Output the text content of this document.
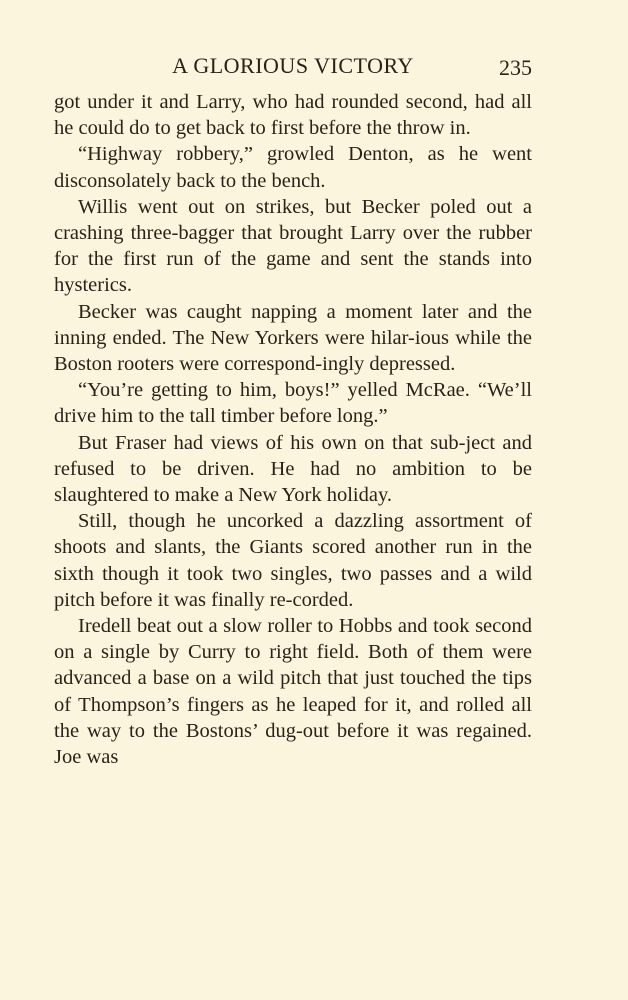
A GLORIOUS VICTORY	235

got under it and Larry, who had rounded second, had all he could do to get back to first before the throw in.

“Highway robbery,” growled Denton, as he went disconsolately back to the bench.

Willis went out on strikes, but Becker poled out a crashing three-bagger that brought Larry over the rubber for the first run of the game and sent the stands into hysterics.

Becker was caught napping a moment later and the inning ended. The New Yorkers were hilar-ious while the Boston rooters were correspond-ingly depressed.

“You’re getting to him, boys!” yelled McRae. “We’ll drive him to the tall timber before long.”

But Fraser had views of his own on that sub-ject and refused to be driven. He had no ambition to be slaughtered to make a New York holiday.

Still, though he uncorked a dazzling assortment of shoots and slants, the Giants scored another run in the sixth though it took two singles, two passes and a wild pitch before it was finally re-corded.

Iredell beat out a slow roller to Hobbs and took second on a single by Curry to right field. Both of them were advanced a base on a wild pitch that just touched the tips of Thompson’s fingers as he leaped for it, and rolled all the way to the Bostons’ dug-out before it was regained. Joe was
